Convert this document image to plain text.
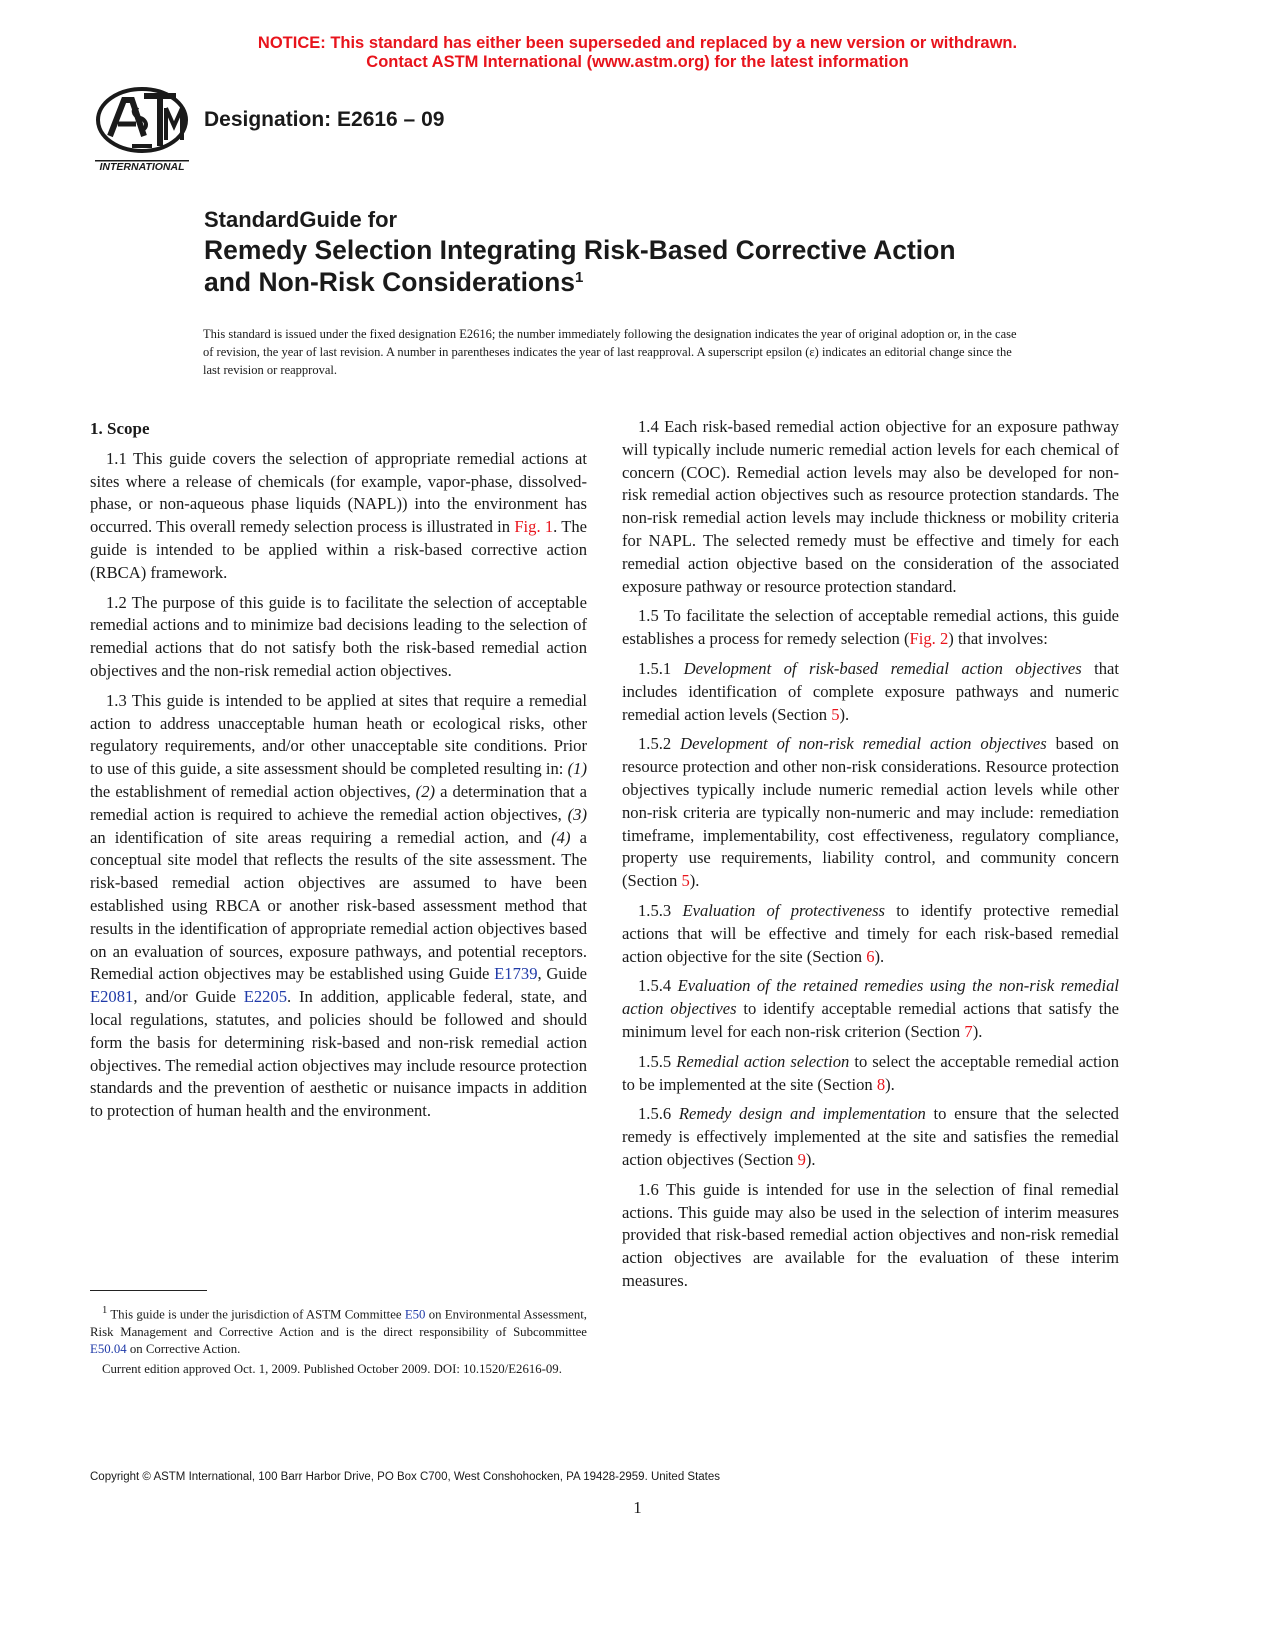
NOTICE: This standard has either been superseded and replaced by a new version or withdrawn.
Contact ASTM International (www.astm.org) for the latest information
INTERNATIONAL
Designation: E2616 – 09
StandardGuide for
Remedy Selection Integrating Risk-Based Corrective Action
and Non-Risk Considerations$^1$
This standard is issued under the fixed designation E2616; the number immediately following the designation indicates the year of original adoption or, in the case of revision, the year of last revision. A number in parentheses indicates the year of last reapproval. A superscript epsilon (ε) indicates an editorial change since the last revision or reapproval.
1. Scope

1.1 This guide covers the selection of appropriate remedial actions at sites where a release of chemicals (for example, vapor-phase, dissolved-phase, or non-aqueous phase liquids (NAPL)) into the environment has occurred. This overall remedy selection process is illustrated in Fig. 1. The guide is intended to be applied within a risk-based corrective action (RBCA) framework.

1.2 The purpose of this guide is to facilitate the selection of acceptable remedial actions and to minimize bad decisions leading to the selection of remedial actions that do not satisfy both the risk-based remedial action objectives and the non-risk remedial action objectives.

1.3 This guide is intended to be applied at sites that require a remedial action to address unacceptable human heath or ecological risks, other regulatory requirements, and/or other unacceptable site conditions. Prior to use of this guide, a site assessment should be completed resulting in: (1) the establishment of remedial action objectives, (2) a determination that a remedial action is required to achieve the remedial action objectives, (3) an identification of site areas requiring a remedial action, and (4) a conceptual site model that reflects the results of the site assessment. The risk-based remedial action objectives are assumed to have been established using RBCA or another risk-based assessment method that results in the identification of appropriate remedial action objectives based on an evaluation of sources, exposure pathways, and potential receptors. Remedial action objectives may be established using Guide E1739, Guide E2081, and/or Guide E2205. In addition, applicable federal, state, and local regulations, statutes, and policies should be followed and should form the basis for determining risk-based and non-risk remedial action objectives. The remedial action objectives may include resource protection standards and the prevention of aesthetic or nuisance impacts in addition to protection of human health and the environment.

1.4 Each risk-based remedial action objective for an exposure pathway will typically include numeric remedial action levels for each chemical of concern (COC). Remedial action levels may also be developed for non-risk remedial action objectives such as resource protection standards. The non-risk remedial action levels may include thickness or mobility criteria for NAPL. The selected remedy must be effective and timely for each remedial action objective based on the consideration of the associated exposure pathway or resource protection standard.

1.5 To facilitate the selection of acceptable remedial actions, this guide establishes a process for remedy selection (Fig. 2) that involves:

1.5.1 Development of risk-based remedial action objectives that includes identification of complete exposure pathways and numeric remedial action levels (Section 5).

1.5.2 Development of non-risk remedial action objectives based on resource protection and other non-risk considerations. Resource protection objectives typically include numeric remedial action levels while other non-risk criteria are typically non-numeric and may include: remediation timeframe, implementability, cost effectiveness, regulatory compliance, property use requirements, liability control, and community concern (Section 5).

1.5.3 Evaluation of protectiveness to identify protective remedial actions that will be effective and timely for each risk-based remedial action objective for the site (Section 6).

1.5.4 Evaluation of the retained remedies using the non-risk remedial action objectives to identify acceptable remedial actions that satisfy the minimum level for each non-risk criterion (Section 7).

1.5.5 Remedial action selection to select the acceptable remedial action to be implemented at the site (Section 8).

1.5.6 Remedy design and implementation to ensure that the selected remedy is effectively implemented at the site and satisfies the remedial action objectives (Section 9).

1.6 This guide is intended for use in the selection of final remedial actions. This guide may also be used in the selection of interim measures provided that risk-based remedial action objectives and non-risk remedial action objectives are available for the evaluation of these interim measures.

$^1$ This guide is under the jurisdiction of ASTM Committee E50 on Environmental Assessment, Risk Management and Corrective Action and is the direct responsibility of Subcommittee E50.04 on Corrective Action.

Current edition approved Oct. 1, 2009. Published October 2009. DOI: 10.1520/E2616-09.

Copyright © ASTM International, 100 Barr Harbor Drive, PO Box C700, West Conshohocken, PA 19428-2959. United States
1
